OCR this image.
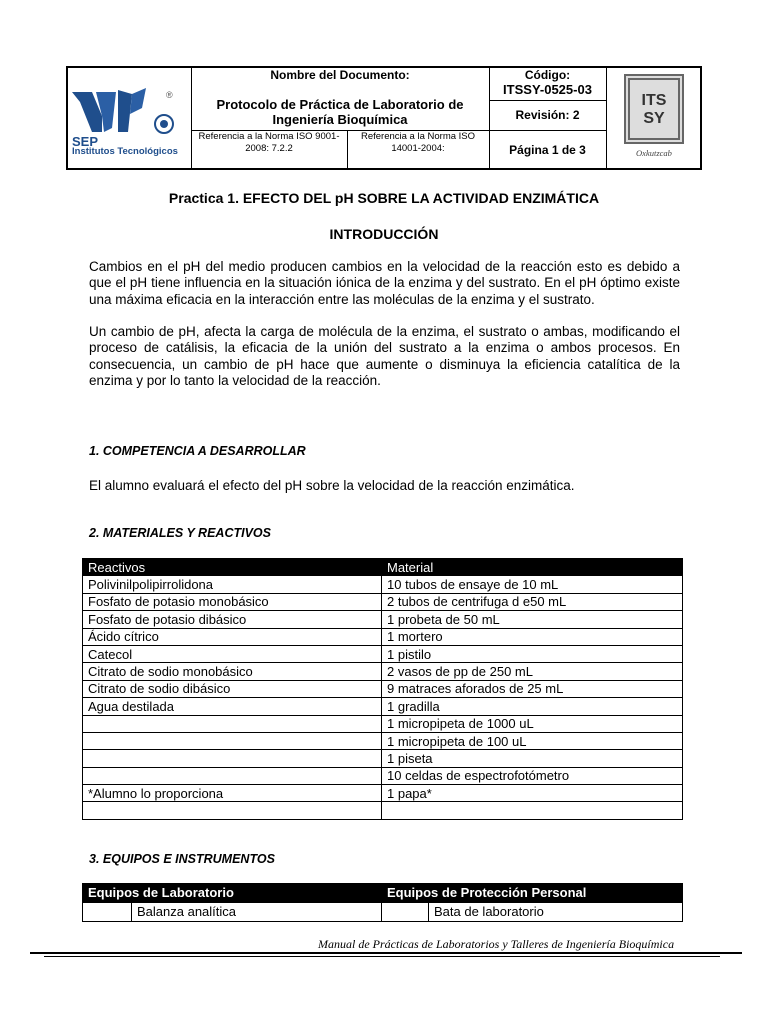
Nombre del Documento:
Protocolo de Práctica de Laboratorio de Ingeniería Bioquímica
Referencia a la Norma ISO 9001-2008: 7.2.2
Referencia a la Norma ISO 14001-2004:
Código:
ITSSY-0525-03
Revisión: 2
Página 1 de 3
SEP
Institutos Tecnológicos
®	ITS
SY
Oxkutzcab
Practica 1. EFECTO DEL pH SOBRE LA ACTIVIDAD ENZIMÁTICA
INTRODUCCIÓN
Cambios en el pH del medio producen cambios en la velocidad de la reacción esto es debido a que el pH tiene influencia en la situación iónica de la enzima y del sustrato. En el pH óptimo existe una máxima eficacia en la interacción entre las moléculas de la enzima y el sustrato.
Un cambio de pH, afecta la carga de molécula de la enzima, el sustrato o ambas, modificando el proceso de catálisis, la eficacia de la unión del sustrato a la enzima o ambos procesos. En consecuencia, un cambio de pH hace que aumente o disminuya la eficiencia catalítica de la enzima y por lo tanto la velocidad de la reacción.
1. COMPETENCIA A DESARROLLAR
El alumno evaluará el efecto del pH sobre la velocidad de la reacción enzimática.
2. MATERIALES Y REACTIVOS
Reactivos	Material
Polivinilpolipirrolidona	10 tubos de ensaye de 10 mL
Fosfato de potasio monobásico	2 tubos de centrifuga d e50 mL
Fosfato de potasio dibásico	1 probeta de 50 mL
Ácido cítrico	1 mortero
Catecol	1 pistilo
Citrato de sodio monobásico	2 vasos de pp de 250 mL
Citrato de sodio dibásico	9 matraces aforados de 25 mL
Agua destilada	1 gradilla
	1 micropipeta de 1000 uL
	1 micropipeta de 100 uL
	1 piseta
	10 celdas de espectrofotómetro
*Alumno lo proporciona	1 papa*

3. EQUIPOS E INSTRUMENTOS
Equipos de Laboratorio		Equipos de Protección Personal	
	Balanza analítica		Bata de laboratorio
Manual de Prácticas de Laboratorios y Talleres de Ingeniería Bioquímica
